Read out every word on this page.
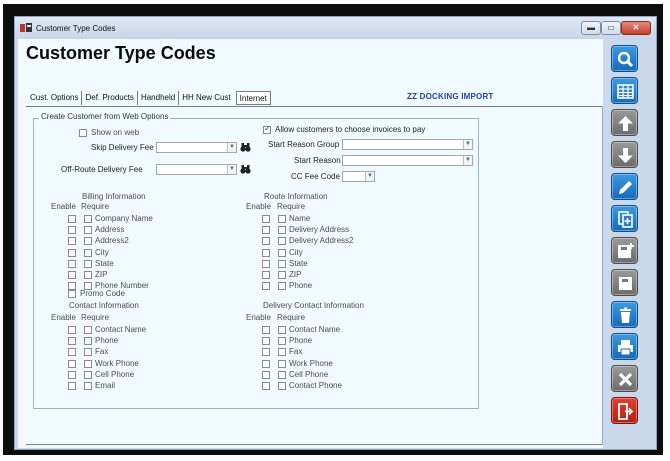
Customer Type Codes	▬	▭	✕
Customer Type Codes
Cust. Options Def. Products Handheld HH New Cust	Internet	ZZ DOCKING IMPORT
Create Customer from Web Options
Show on web
Skip Delivery Fee	▼
Off-Route Delivery Fee	▼
✓
Allow customers to choose invoices to pay
Start Reason Group	▼
Start Reason	▼
CC Fee Code	▼
Billing Information
Enable Require
Company Name
Address
Address2
City
State
ZIP
Phone Number
Promo Code
Route Information
Enable Require
Name
Delivery Address
Delivery Address2
City
State
ZIP
Phone
Contact Information
Enable Require
Contact Name
Phone
Fax
Work Phone
Cell Phone
Email
Delivery Contact Information
Enable Require
Contact Name
Phone
Fax
Work Phone
Cell Phone
Contact Phone
